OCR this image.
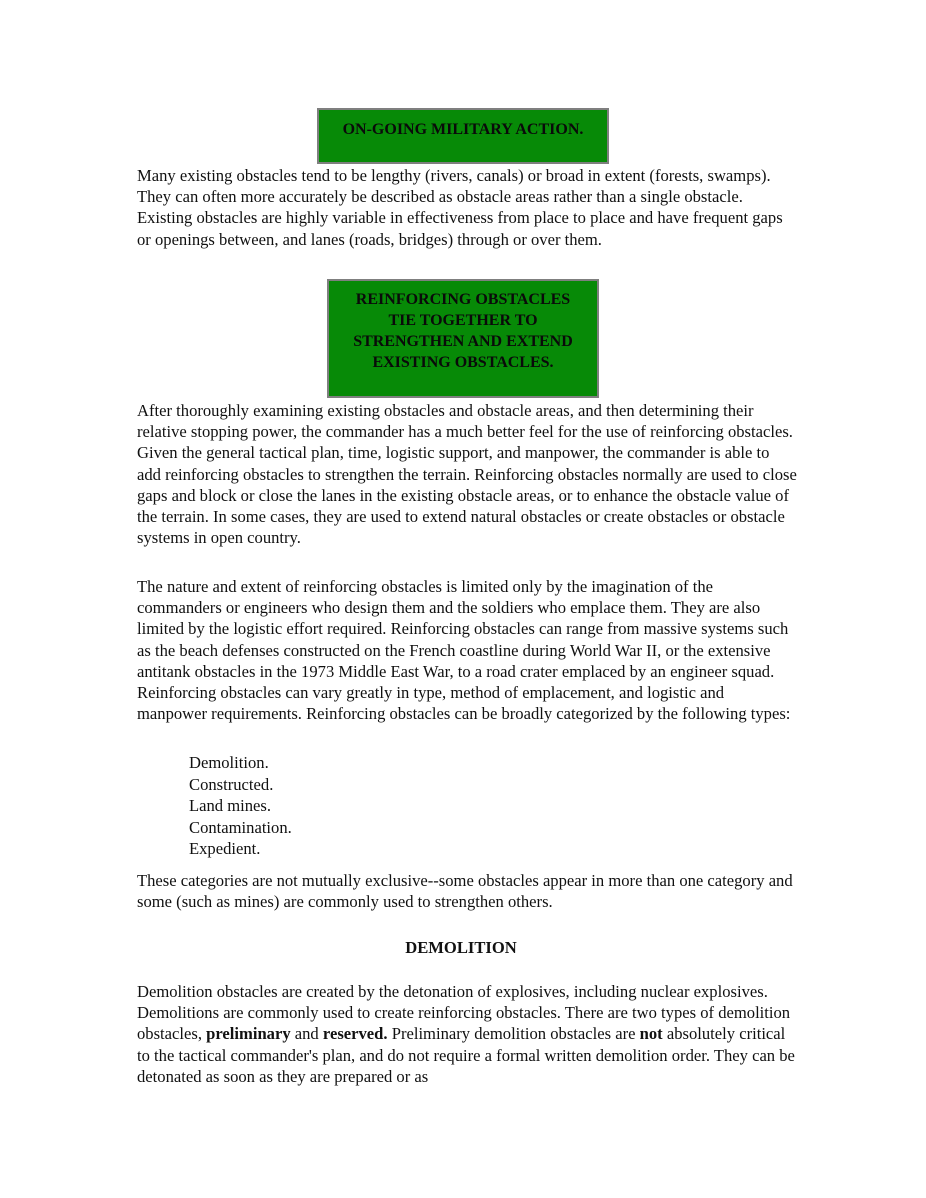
ON-GOING MILITARY ACTION.

Many existing obstacles tend to be lengthy (rivers, canals) or broad in extent (forests, swamps). They can often more accurately be described as obstacle areas rather than a single obstacle. Existing obstacles are highly variable in effectiveness from place to place and have frequent gaps or openings between, and lanes (roads, bridges) through or over them.

REINFORCING OBSTACLES
TIE TOGETHER TO
STRENGTHEN AND EXTEND
EXISTING OBSTACLES.

After thoroughly examining existing obstacles and obstacle areas, and then determining their relative stopping power, the commander has a much better feel for the use of reinforcing obstacles. Given the general tactical plan, time, logistic support, and manpower, the commander is able to add reinforcing obstacles to strengthen the terrain. Reinforcing obstacles normally are used to close gaps and block or close the lanes in the existing obstacle areas, or to enhance the obstacle value of the terrain. In some cases, they are used to extend natural obstacles or create obstacles or obstacle systems in open country.

The nature and extent of reinforcing obstacles is limited only by the imagination of the commanders or engineers who design them and the soldiers who emplace them. They are also limited by the logistic effort required. Reinforcing obstacles can range from massive systems such as the beach defenses constructed on the French coastline during World War II, or the extensive antitank obstacles in the 1973 Middle East War, to a road crater emplaced by an engineer squad. Reinforcing obstacles can vary greatly in type, method of emplacement, and logistic and manpower requirements. Reinforcing obstacles can be broadly categorized by the following types:

Demolition.
Constructed.
Land mines.
Contamination.
Expedient.

These categories are not mutually exclusive--some obstacles appear in more than one category and some (such as mines) are commonly used to strengthen others.

DEMOLITION

Demolition obstacles are created by the detonation of explosives, including nuclear explosives. Demolitions are commonly used to create reinforcing obstacles. There are two types of demolition obstacles, preliminary and reserved. Preliminary demolition obstacles are not absolutely critical to the tactical commander's plan, and do not require a formal written demolition order. They can be detonated as soon as they are prepared or as
